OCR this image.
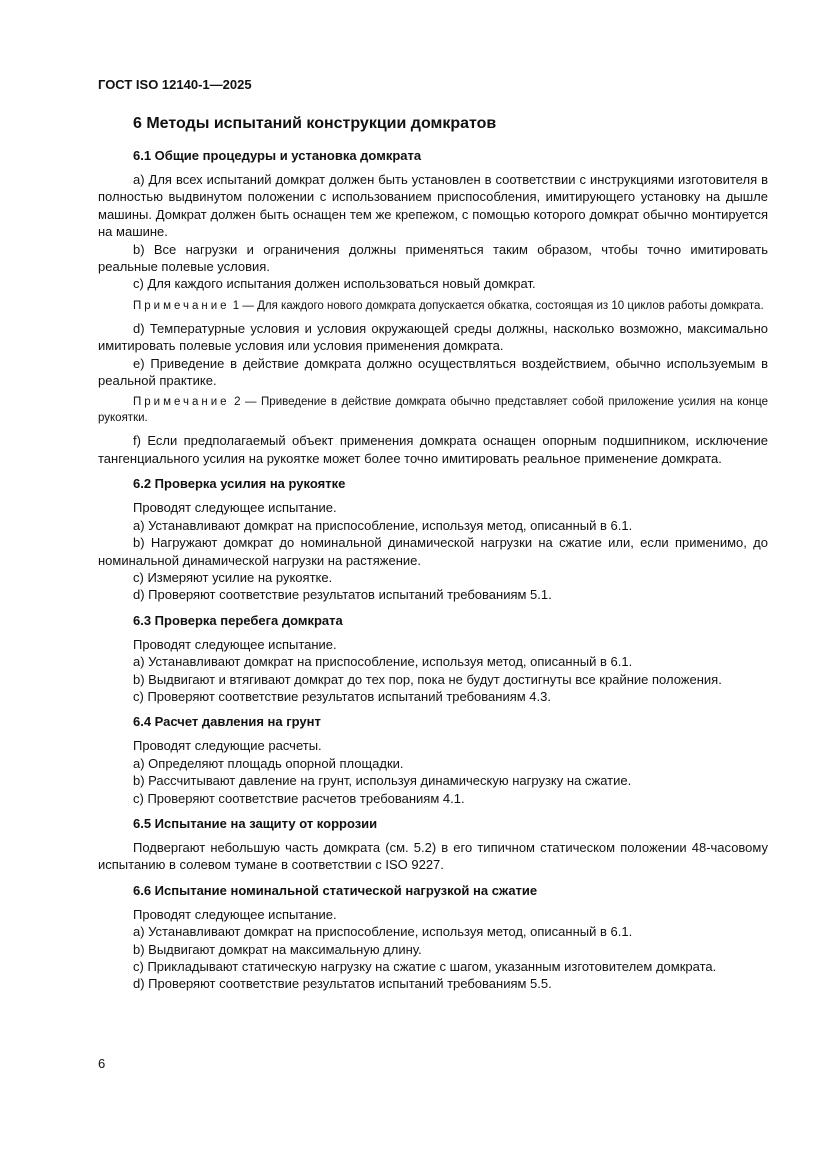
ГОСТ ISO 12140-1—2025
6 Методы испытаний конструкции домкратов
6.1 Общие процедуры и установка домкрата

а) Для всех испытаний домкрат должен быть установлен в соответствии с инструкциями изготовителя в полностью выдвинутом положении с использованием приспособления, имитирующего установку на дышле машины. Домкрат должен быть оснащен тем же крепежом, с помощью которого домкрат обычно монтируется на машине.

b) Все нагрузки и ограничения должны применяться таким образом, чтобы точно имитировать реальные полевые условия.

с) Для каждого испытания должен использоваться новый домкрат.

Примечание 1 — Для каждого нового домкрата допускается обкатка, состоящая из 10 циклов работы домкрата.

d) Температурные условия и условия окружающей среды должны, насколько возможно, максимально имитировать полевые условия или условия применения домкрата.

е) Приведение в действие домкрата должно осуществляться воздействием, обычно используемым в реальной практике.

Примечание 2 — Приведение в действие домкрата обычно представляет собой приложение усилия на конце рукоятки.

f) Если предполагаемый объект применения домкрата оснащен опорным подшипником, исключение тангенциального усилия на рукоятке может более точно имитировать реальное применение домкрата.

6.2 Проверка усилия на рукоятке

Проводят следующее испытание.

а) Устанавливают домкрат на приспособление, используя метод, описанный в 6.1.

b) Нагружают домкрат до номинальной динамической нагрузки на сжатие или, если применимо, до номинальной динамической нагрузки на растяжение.

с) Измеряют усилие на рукоятке.

d) Проверяют соответствие результатов испытаний требованиям 5.1.

6.3 Проверка перебега домкрата

Проводят следующее испытание.

а) Устанавливают домкрат на приспособление, используя метод, описанный в 6.1.

b) Выдвигают и втягивают домкрат до тех пор, пока не будут достигнуты все крайние положения.

с) Проверяют соответствие результатов испытаний требованиям 4.3.

6.4 Расчет давления на грунт

Проводят следующие расчеты.

а) Определяют площадь опорной площадки.

b) Рассчитывают давление на грунт, используя динамическую нагрузку на сжатие.

с) Проверяют соответствие расчетов требованиям 4.1.

6.5 Испытание на защиту от коррозии

Подвергают небольшую часть домкрата (см. 5.2) в его типичном статическом положении 48-часовому испытанию в солевом тумане в соответствии с ISO 9227.

6.6 Испытание номинальной статической нагрузкой на сжатие

Проводят следующее испытание.

а) Устанавливают домкрат на приспособление, используя метод, описанный в 6.1.

b) Выдвигают домкрат на максимальную длину.

с) Прикладывают статическую нагрузку на сжатие с шагом, указанным изготовителем домкрата.

d) Проверяют соответствие результатов испытаний требованиям 5.5.

6
